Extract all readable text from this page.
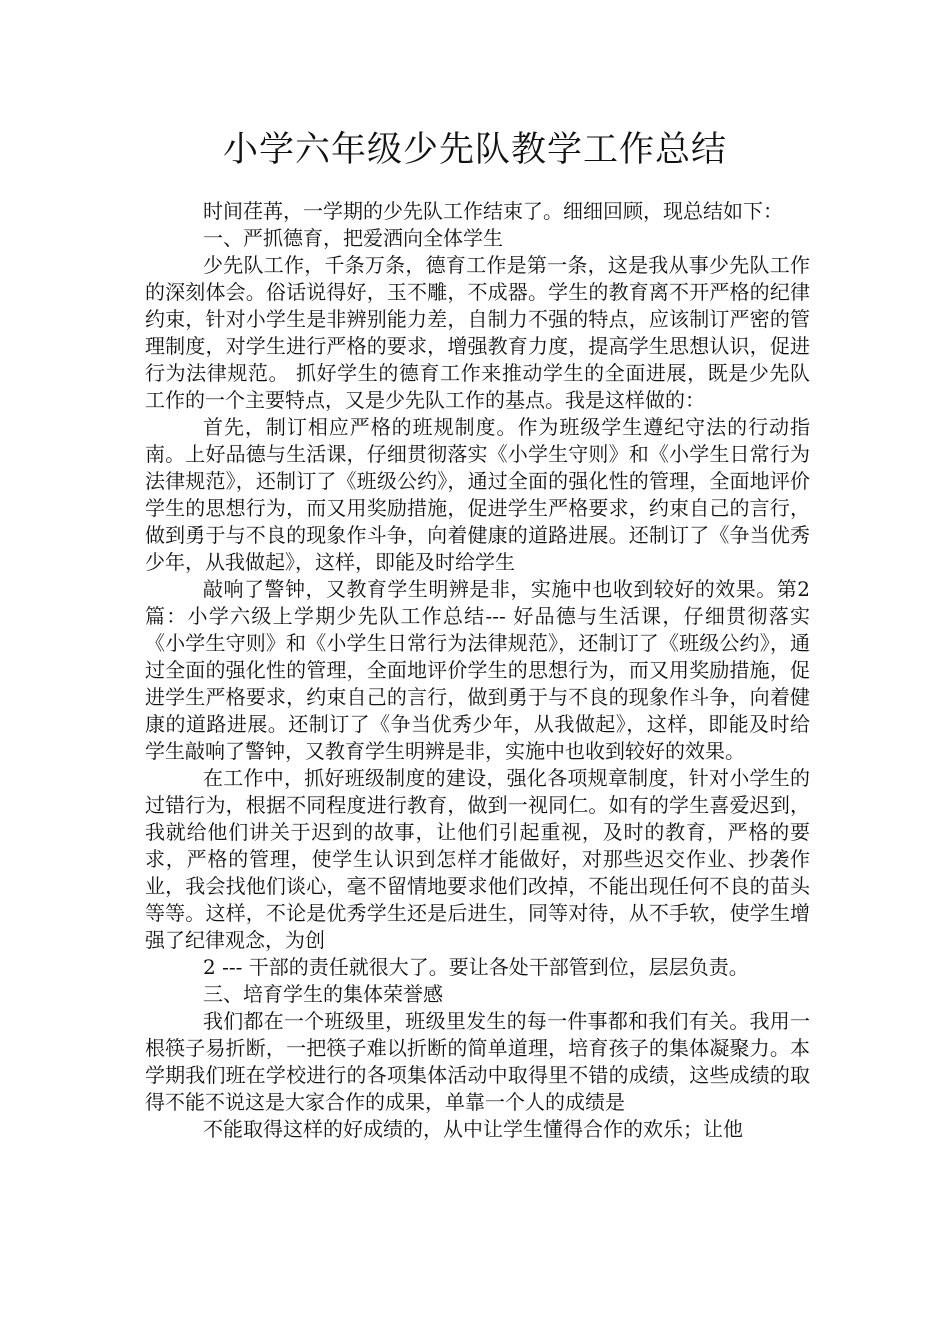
小学六年级少先队教学工作总结

时间荏苒，一学期的少先队工作结束了。细细回顾，现总结如下：

一、严抓德育，把爱洒向全体学生

少先队工作，千条万条，德育工作是第一条，这是我从事少先队工作的深刻体会。俗话说得好，玉不雕，不成器。学生的教育离不开严格的纪律约束，针对小学生是非辨别能力差，自制力不强的特点，应该制订严密的管理制度，对学生进行严格的要求，增强教育力度，提高学生思想认识，促进行为法律规范。 抓好学生的德育工作来推动学生的全面进展，既是少先队工作的一个主要特点，又是少先队工作的基点。我是这样做的：

首先，制订相应严格的班规制度。作为班级学生遵纪守法的行动指南。上好品德与生活课，仔细贯彻落实《小学生守则》和《小学生日常行为法律规范》，还制订了《班级公约》，通过全面的强化性的管理，全面地评价学生的思想行为，而又用奖励措施，促进学生严格要求，约束自己的言行，做到勇于与不良的现象作斗争，向着健康的道路进展。还制订了《争当优秀少年，从我做起》，这样，即能及时给学生

敲响了警钟，又教育学生明辨是非，实施中也收到较好的效果。第2篇：小学六级上学期少先队工作总结--- 好品德与生活课，仔细贯彻落实《小学生守则》和《小学生日常行为法律规范》，还制订了《班级公约》，通过全面的强化性的管理，全面地评价学生的思想行为，而又用奖励措施，促进学生严格要求，约束自己的言行，做到勇于与不良的现象作斗争，向着健康的道路进展。还制订了《争当优秀少年，从我做起》，这样，即能及时给学生敲响了警钟，又教育学生明辨是非，实施中也收到较好的效果。

在工作中，抓好班级制度的建设，强化各项规章制度，针对小学生的过错行为，根据不同程度进行教育，做到一视同仁。如有的学生喜爱迟到，我就给他们讲关于迟到的故事，让他们引起重视，及时的教育，严格的要求，严格的管理，使学生认识到怎样才能做好，对那些迟交作业、抄袭作业，我会找他们谈心，毫不留情地要求他们改掉，不能出现任何不良的苗头等等。这样，不论是优秀学生还是后进生，同等对待，从不手软，使学生增强了纪律观念，为创

2 --- 干部的责任就很大了。要让各处干部管到位，层层负责。

三、培育学生的集体荣誉感

我们都在一个班级里，班级里发生的每一件事都和我们有关。我用一根筷子易折断，一把筷子难以折断的简单道理，培育孩子的集体凝聚力。本学期我们班在学校进行的各项集体活动中取得里不错的成绩，这些成绩的取得不能不说这是大家合作的成果，单靠一个人的成绩是

不能取得这样的好成绩的，从中让学生懂得合作的欢乐；让他
